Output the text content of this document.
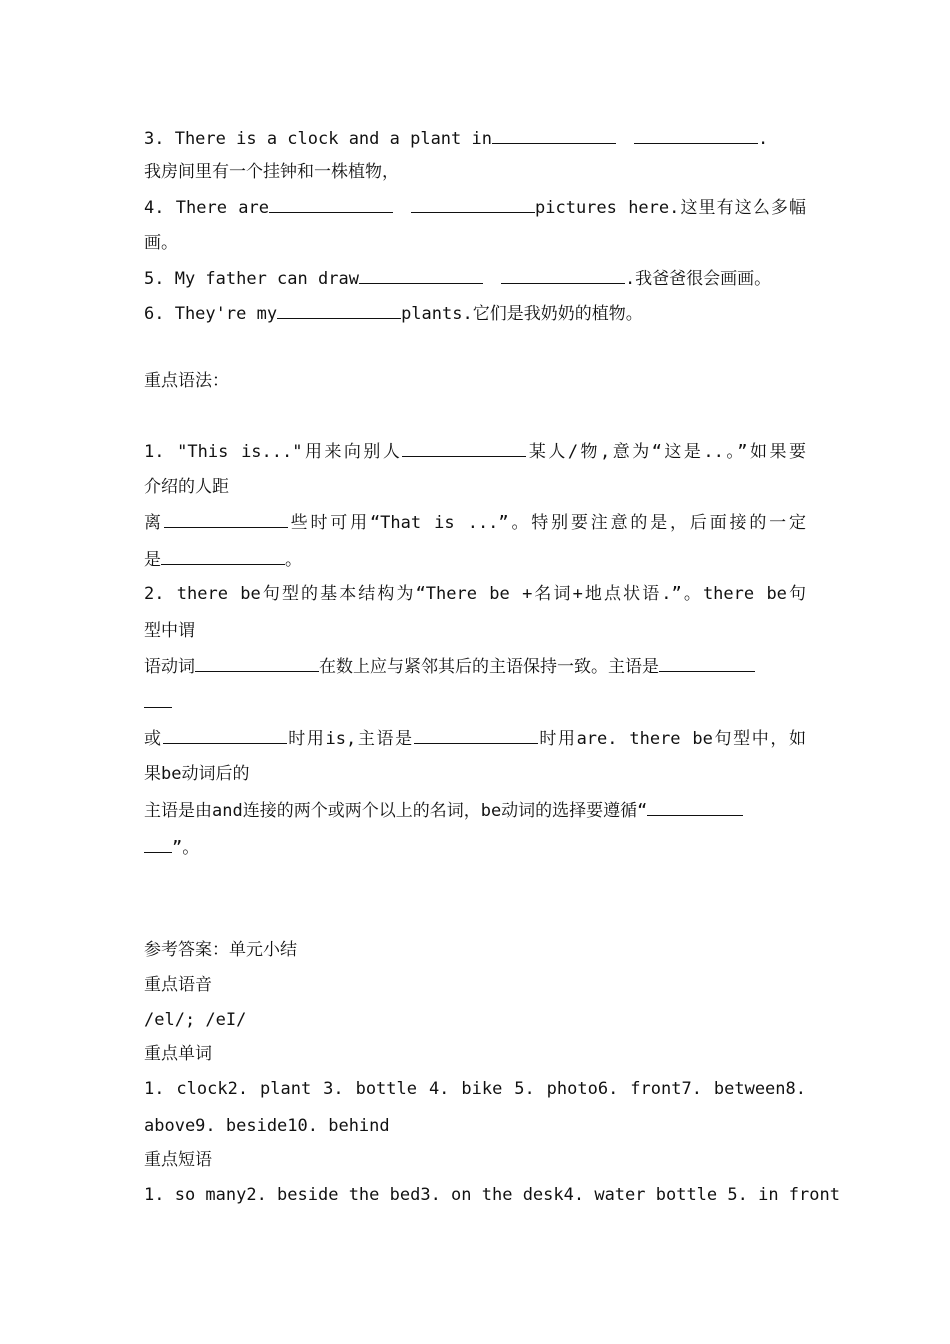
3. There is a clock and a plant in	.
我房间里有一个挂钟和一株植物，
4. There are	pictures here.这里有这么多幅
画。
5. My father can draw	.我爸爸很会画画。
6. They're my	plants.它们是我奶奶的植物。
重点语法：
1. "This is..."用来向别人	某人/物,意为“这是..。”如果要
介绍的人距
离	些时可用“That is ...”。特别要注意的是，后面接的一定
是	。
2. there be句型的基本结构为“There be +名词+地点状语.”。there be句
型中谓
语动词	在数上应与紧邻其后的主语保持一致。主语是
或	时用is,主语是	时用are. there be句型中，如
果be动词后的
主语是由and连接的两个或两个以上的名词，be动词的选择要遵循“
”。
参考答案：单元小结
重点语音
/el/; /eI/
重点单词
1. clock2. plant 3. bottle 4. bike 5. photo6. front7. between8.
above9. beside10. behind
重点短语
1. so many2. beside the bed3. on the desk4. water bottle 5. in front
